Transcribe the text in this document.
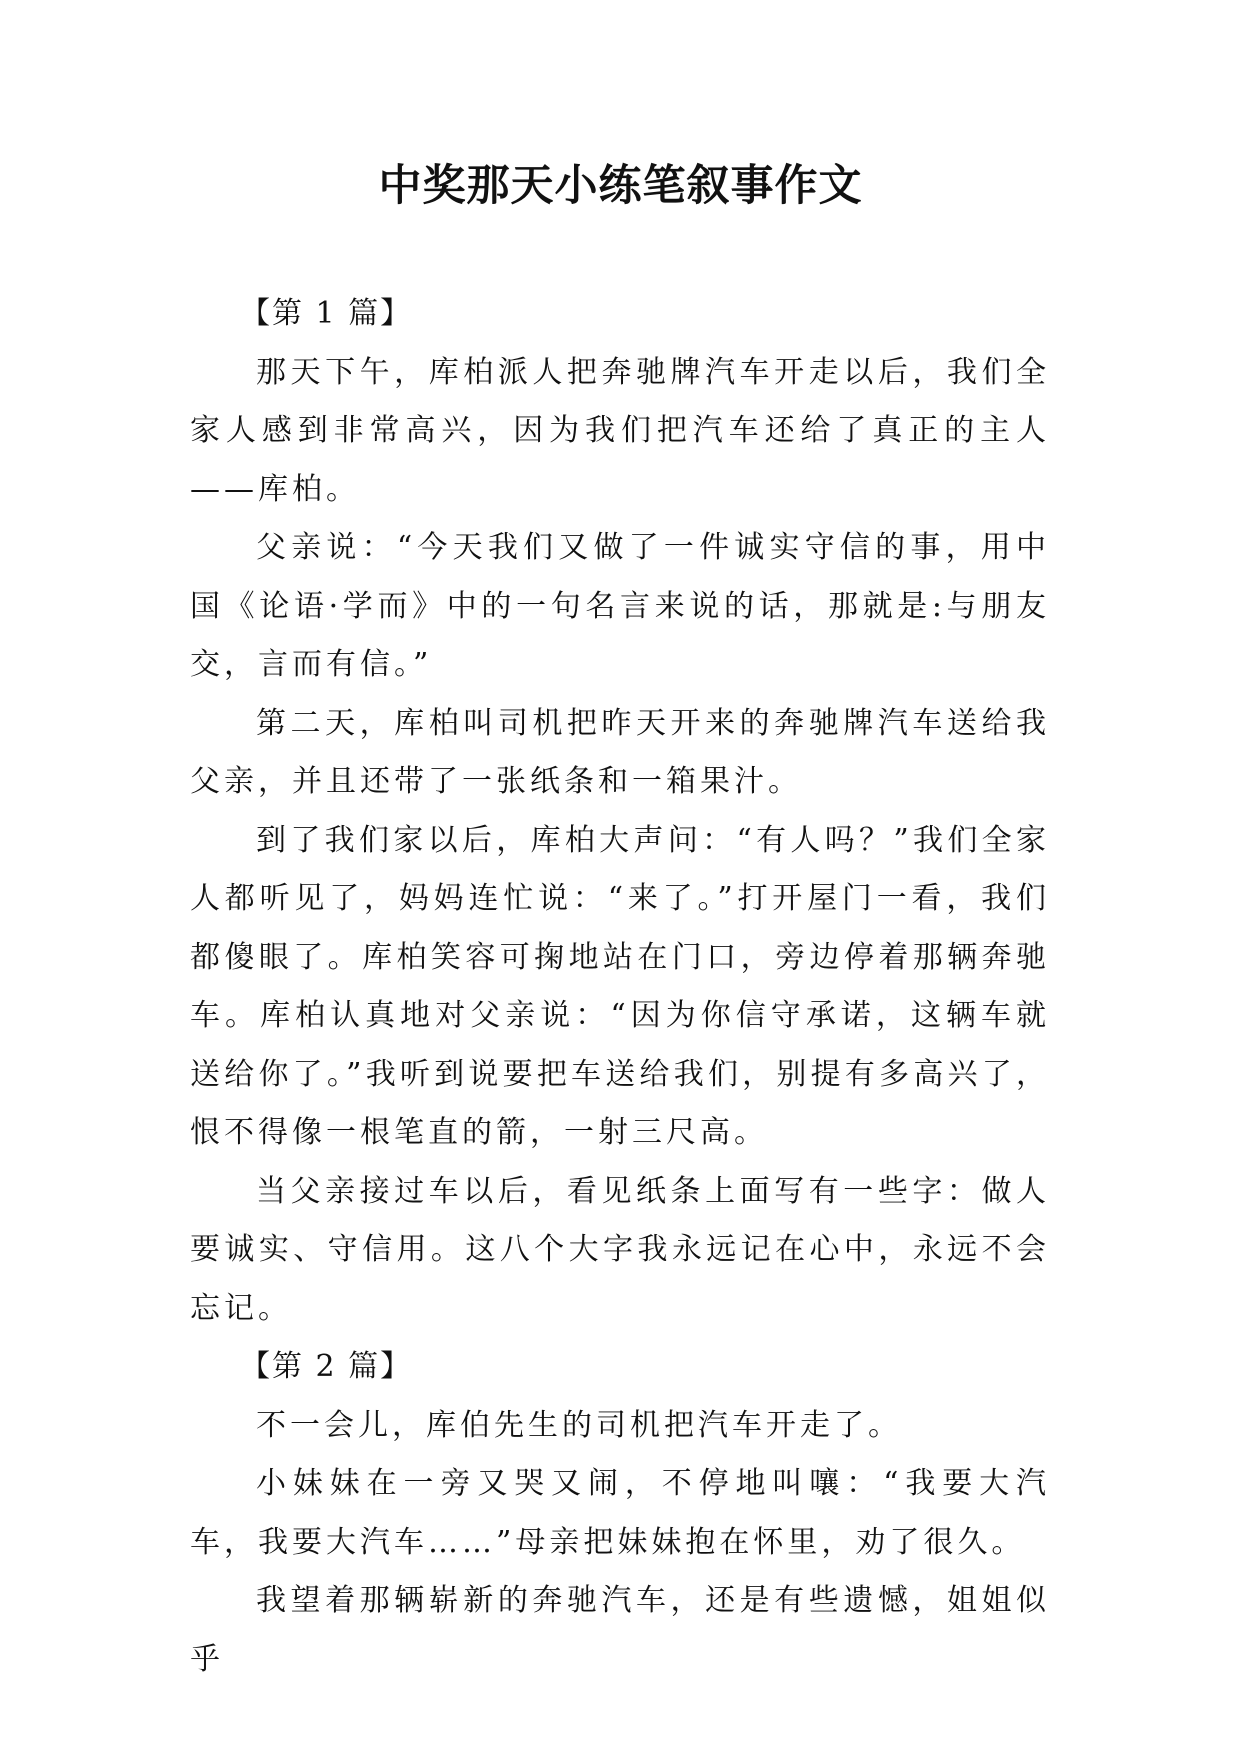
中奖那天小练笔叙事作文

【第 1 篇】

那天下午，库柏派人把奔驰牌汽车开走以后，我们全家人感到非常高兴，因为我们把汽车还给了真正的主人——库柏。

父亲说：“今天我们又做了一件诚实守信的事，用中国《论语·学而》中的一句名言来说的话，那就是:与朋友交，言而有信。”

第二天，库柏叫司机把昨天开来的奔驰牌汽车送给我父亲，并且还带了一张纸条和一箱果汁。

到了我们家以后，库柏大声问：“有人吗？”我们全家人都听见了，妈妈连忙说：“来了。”打开屋门一看，我们都傻眼了。库柏笑容可掬地站在门口，旁边停着那辆奔驰车。库柏认真地对父亲说：“因为你信守承诺，这辆车就送给你了。”我听到说要把车送给我们，别提有多高兴了，恨不得像一根笔直的箭，一射三尺高。

当父亲接过车以后，看见纸条上面写有一些字：做人要诚实、守信用。这八个大字我永远记在心中，永远不会忘记。

【第 2 篇】

不一会儿，库伯先生的司机把汽车开走了。

小妹妹在一旁又哭又闹，不停地叫嚷：“我要大汽车，我要大汽车……”母亲把妹妹抱在怀里，劝了很久。

我望着那辆崭新的奔驰汽车，还是有些遗憾，姐姐似乎
